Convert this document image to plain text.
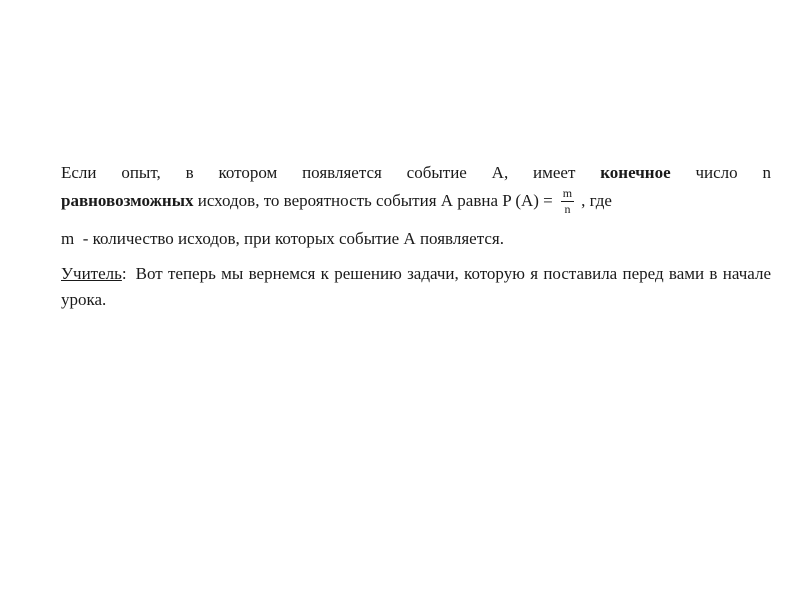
Если опыт, в котором появляется событие А, имеет конечное число n
равновозможных исходов, то вероятность события А равна P $(A) = \frac{m}{n}$ , где

m  - количество исходов, при которых событие А появляется.

Учитель: Вот теперь мы вернемся к решению задачи, которую я поставила перед вами в начале урока.
